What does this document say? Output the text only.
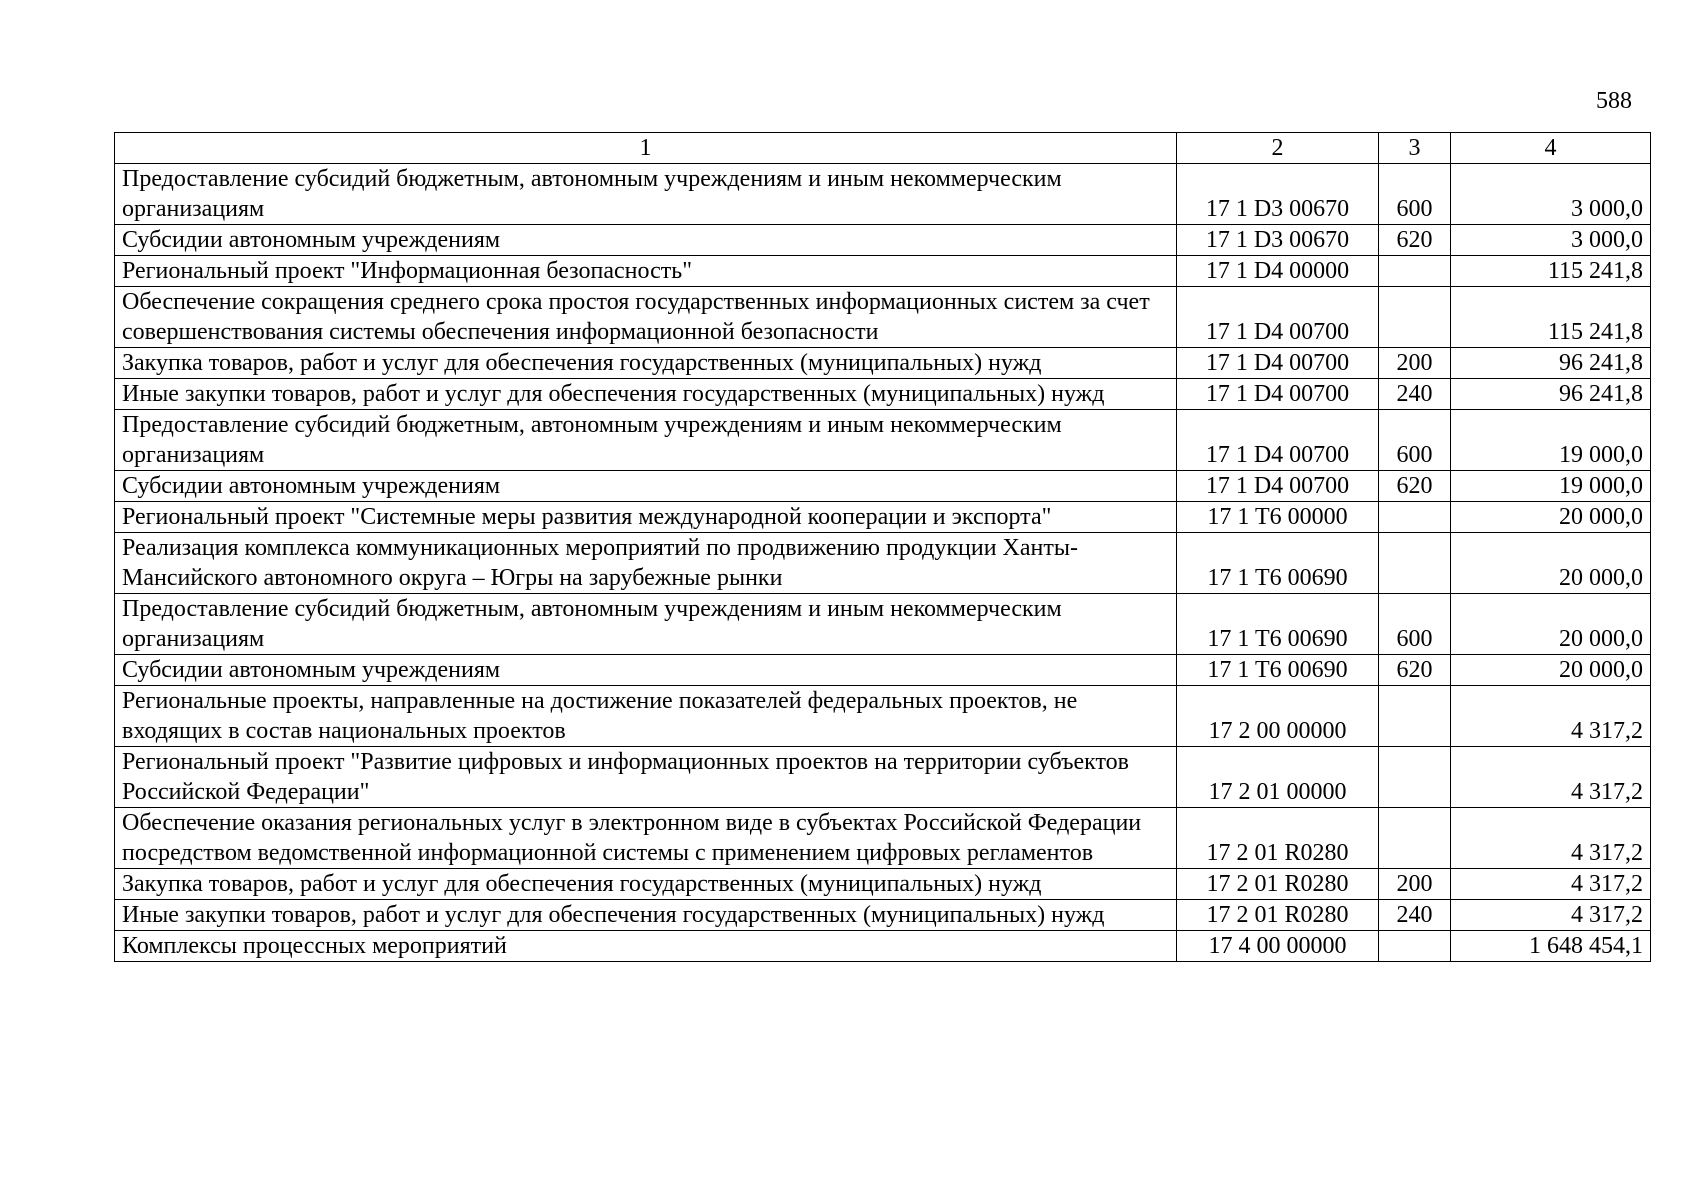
588
1	2	3	4
Предоставление субсидий бюджетным, автономным учреждениям и иным некоммерческим организациям	17 1 D3 00670	600	3 000,0
Субсидии автономным учреждениям	17 1 D3 00670	620	3 000,0
Региональный проект "Информационная безопасность"	17 1 D4 00000		115 241,8
Обеспечение сокращения среднего срока простоя государственных информационных систем за счет совершенствования системы обеспечения информационной безопасности	17 1 D4 00700		115 241,8
Закупка товаров, работ и услуг для обеспечения государственных (муниципальных) нужд	17 1 D4 00700	200	96 241,8
Иные закупки товаров, работ и услуг для обеспечения государственных (муниципальных) нужд	17 1 D4 00700	240	96 241,8
Предоставление субсидий бюджетным, автономным учреждениям и иным некоммерческим организациям	17 1 D4 00700	600	19 000,0
Субсидии автономным учреждениям	17 1 D4 00700	620	19 000,0
Региональный проект "Системные меры развития международной кооперации и экспорта"	17 1 T6 00000		20 000,0
Реализация комплекса коммуникационных мероприятий по продвижению продукции Ханты-Мансийского автономного округа – Югры на зарубежные рынки	17 1 T6 00690		20 000,0
Предоставление субсидий бюджетным, автономным учреждениям и иным некоммерческим организациям	17 1 T6 00690	600	20 000,0
Субсидии автономным учреждениям	17 1 T6 00690	620	20 000,0
Региональные проекты, направленные на достижение показателей федеральных проектов, не входящих в состав национальных проектов	17 2 00 00000		4 317,2
Региональный проект "Развитие цифровых и информационных проектов на территории субъектов Российской Федерации"	17 2 01 00000		4 317,2
Обеспечение оказания региональных услуг в электронном виде в субъектах Российской Федерации посредством ведомственной информационной системы с применением цифровых регламентов	17 2 01 R0280		4 317,2
Закупка товаров, работ и услуг для обеспечения государственных (муниципальных) нужд	17 2 01 R0280	200	4 317,2
Иные закупки товаров, работ и услуг для обеспечения государственных (муниципальных) нужд	17 2 01 R0280	240	4 317,2
Комплексы процессных мероприятий	17 4 00 00000		1 648 454,1
